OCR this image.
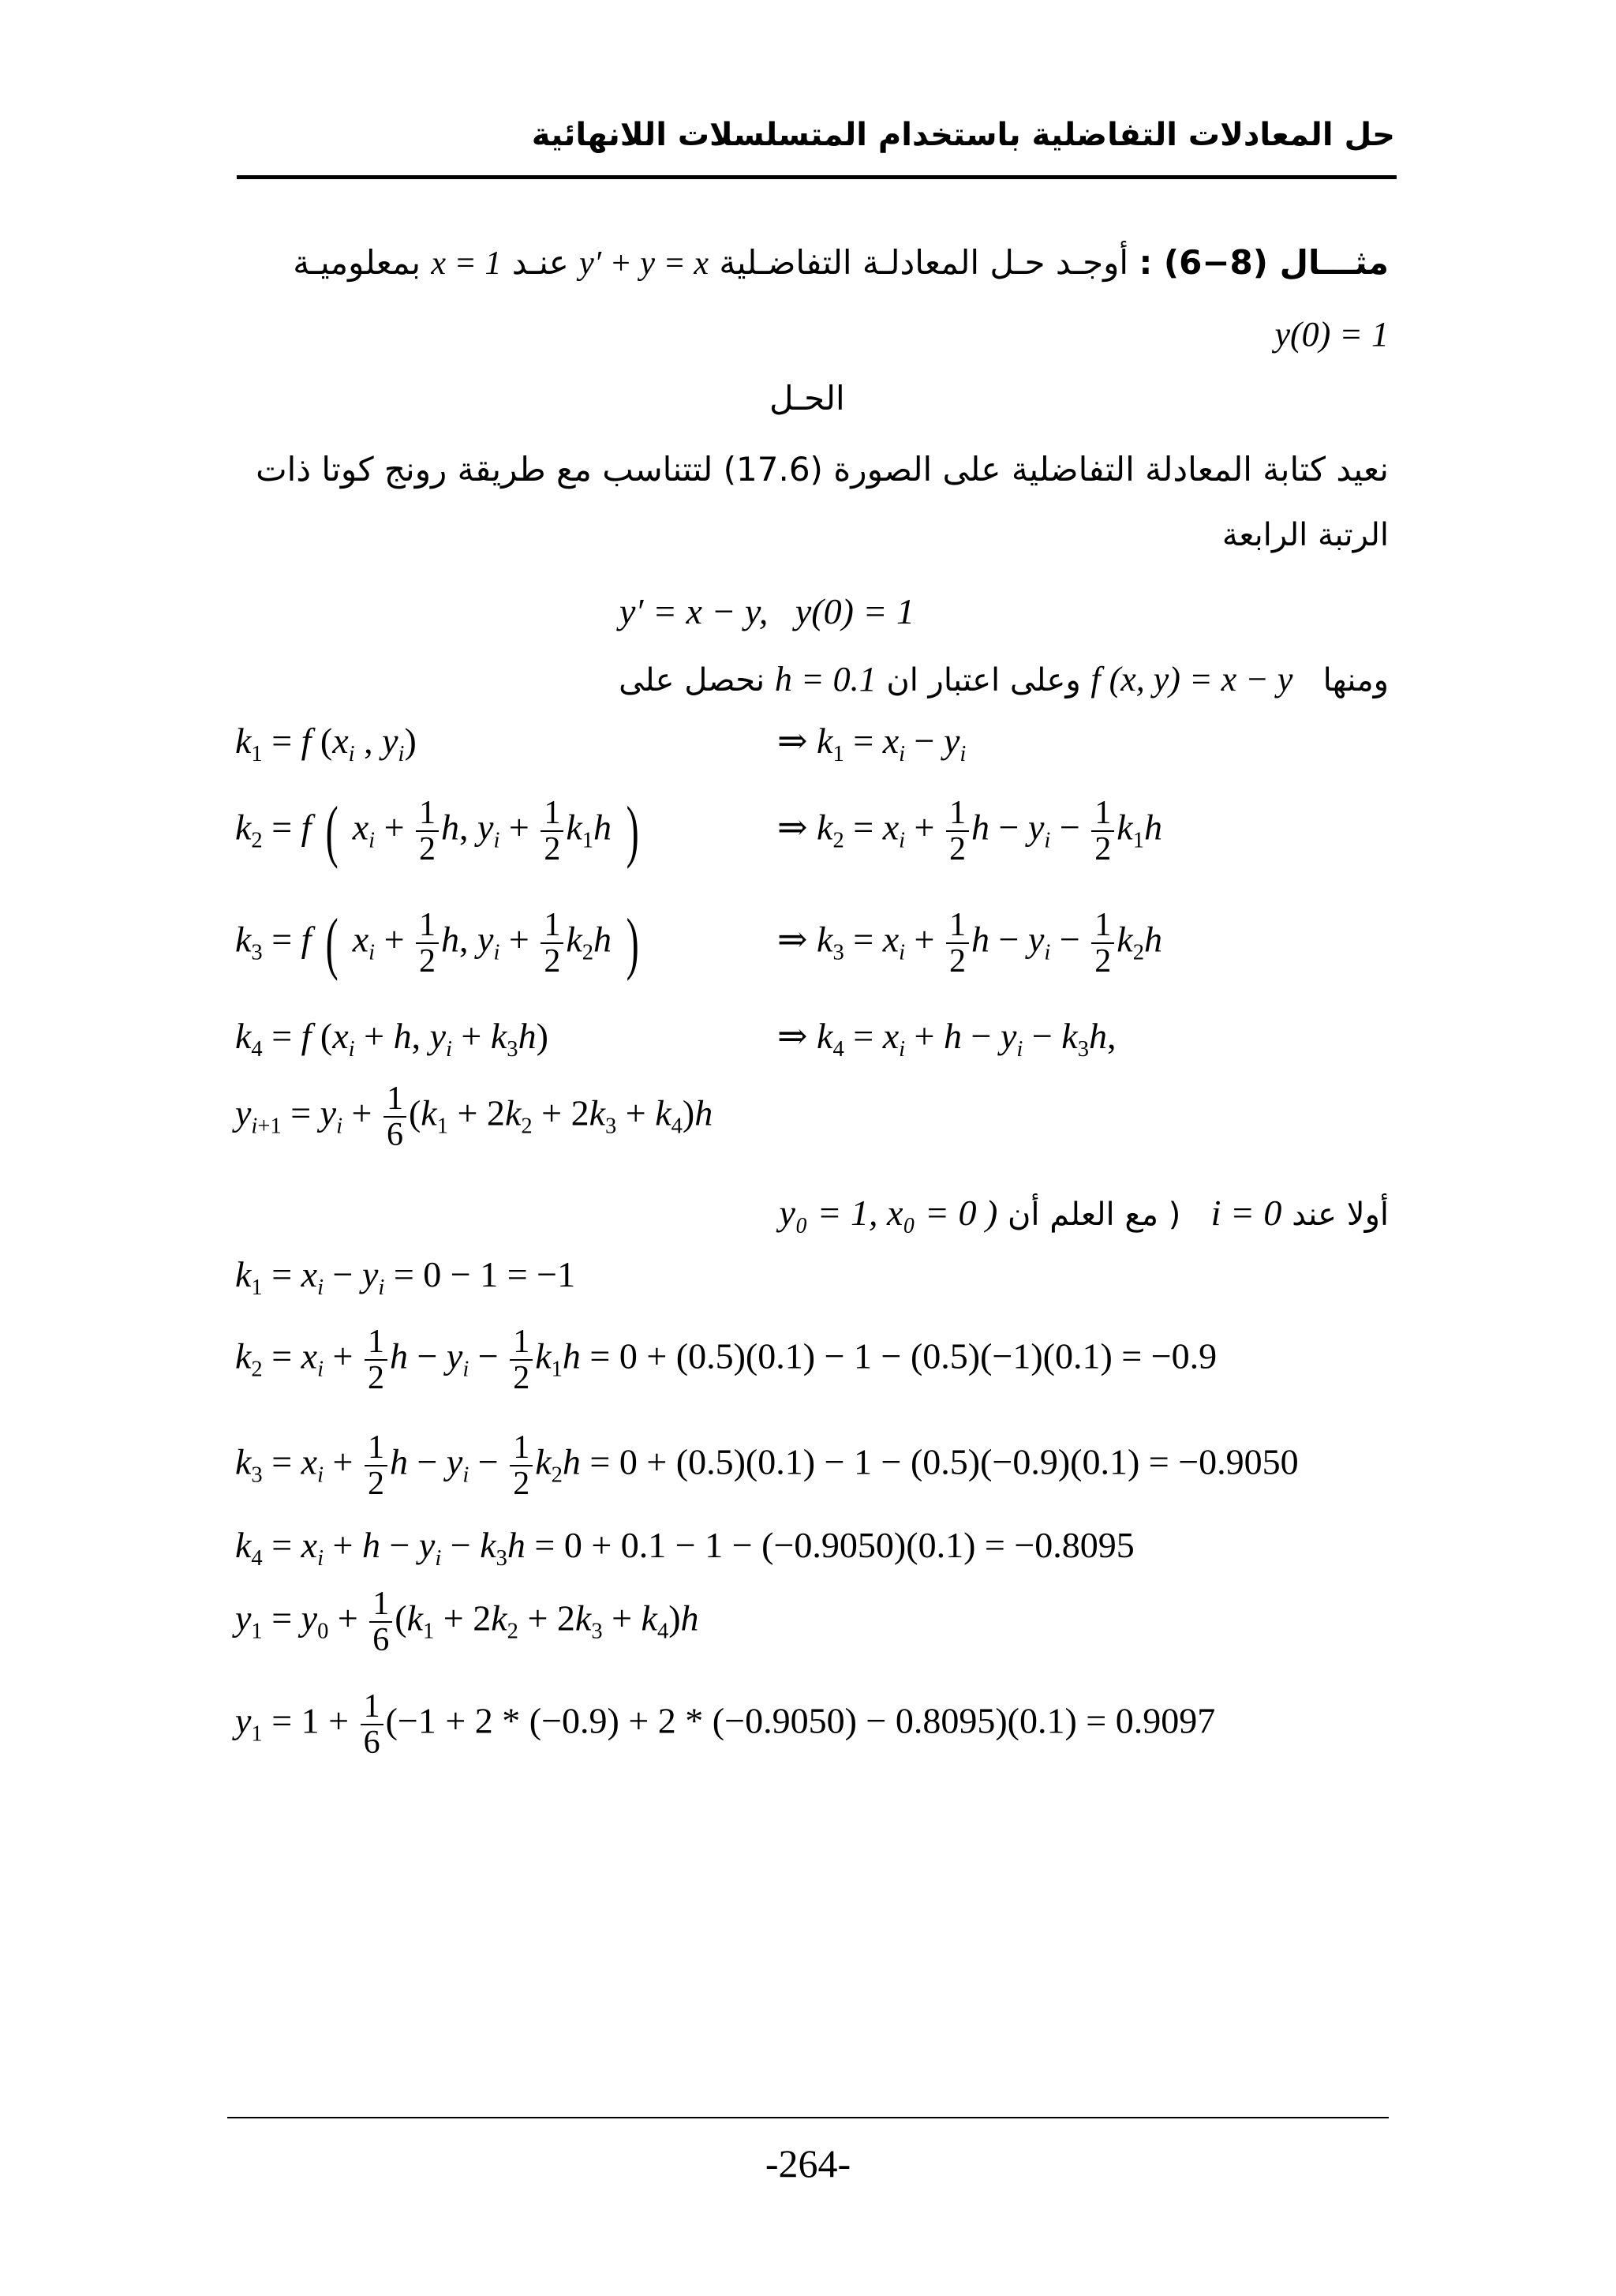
حل المعادلات التفاضلية باستخدام المتسلسلات اللانهائية
مثـــال (8−6) : أوجـد حـل المعادلـة التفاضـلية y′ + y = x عنـد x = 1 بمعلوميـة
y(0) = 1
الحـل
نعيد كتابة المعادلة التفاضلية على الصورة (17.6) لتتناسب مع طريقة رونج كوتا ذات
الرتبة الرابعة
y′ = x − y,   y(0) = 1
ومنها   f (x, y) = x − y وعلى اعتبار ان h = 0.1 نحصل على
$k_1 = f$ ($x_i$ , $y_i$)
$k_2 = f$ ( $x_i + \frac{1}{2} h$, $y_i + \frac{1}{2} k_1h$ )
$k_3 = f$ ( $x_i + \frac{1}{2} h$, $y_i + \frac{1}{2} k_2h$ )
$k_4 = f$ ($x_i + h$, $y_i + k_3h$)
$y_{i+1} = y_i + \frac{1}{6} (k_1 + 2k_2 + 2k_3 + k_4)h$
⇒ $k_1 = x_i - y_i$
⇒ $k_2 = x_i + \frac{1}{2}$ $h - y_i - \frac{1}{2} k_1h$
⇒ $k_3 = x_i + \frac{1}{2}$ $h - y_i - \frac{1}{2} k_2h$
⇒ $k_4 = x_i + h - y_i - k_3h$,
أولا عند i = 0   ( مع العلم أن y₀ = 1, x₀ = 0 )
$k_1 = x_i - y_i = 0 - 1 = -1$
$k_2 = x_i + \frac{1}{2}$ $h - y_i - \frac{1}{2} k_1h = 0 + (0.5)(0.1) - 1 - (0.5)(-1)(0.1) = -0.9$
$k_3 = x_i + \frac{1}{2}$ $h - y_i - \frac{1}{2} k_2h = 0 + (0.5)(0.1) - 1 - (0.5)(-0.9)(0.1) = -0.9050$
$k_4 = x_i + h - y_i - k_3h = 0 + 0.1 - 1 - (-0.9050)(0.1) = -0.8095$
$y_1 = y_0 + \frac{1}{6} (k_1 + 2k_2 + 2k_3 + k_4)h$
$y_1 = 1 + \frac{1}{6} (-1 + 2 * (-0.9) + 2 * (-0.9050) - 0.8095)(0.1) = 0.9097$
-264-
